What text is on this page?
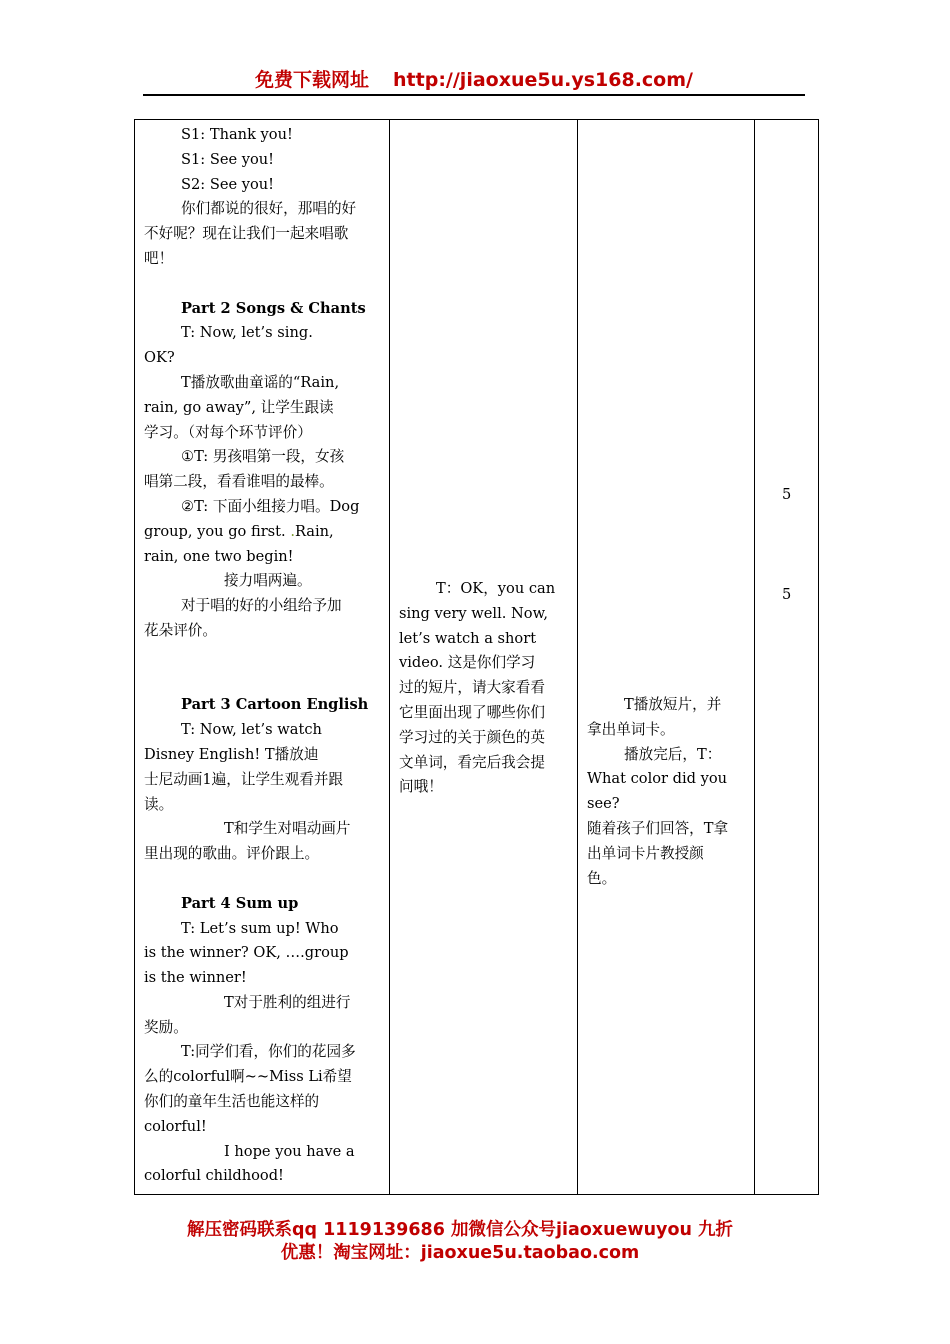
免费下载网址 http://jiaoxue5u.ys168.com/
S1: Thank you!
S1: See you!
S2: See you!
你们都说的很好，那唱的好
不好呢？现在让我们一起来唱歌
吧！
Part 2 Songs & Chants
T: Now, let’s sing.
OK?
T播放歌曲童谣的“Rain,
rain, go away”, 让学生跟读
学习。（对每个环节评价）
①T: 男孩唱第一段，女孩
唱第二段，看看谁唱的最棒。
②T: 下面小组接力唱。Dog
group, you go first. .Rain,
rain, one two begin!
接力唱两遍。
对于唱的好的小组给予加
花朵评价。
Part 3 Cartoon English
T: Now, let’s watch
Disney English! T播放迪
士尼动画1遍，让学生观看并跟
读。
T和学生对唱动画片
里出现的歌曲。评价跟上。
Part 4 Sum up
T: Let’s sum up! Who
is the winner? OK, ….group
is the winner!
T对于胜利的组进行
奖励。
T:同学们看，你们的花园多
么的colorful啊~~Miss Li希望
你们的童年生活也能这样的
colorful!
I hope you have a
colorful childhood!

T：OK，you can
sing very well. Now,
let’s watch a short
video. 这是你们学习
过的短片，请大家看看
它里面出现了哪些你们
学习过的关于颜色的英
文单词，看完后我会提
问哦！

T播放短片，并
拿出单词卡。
播放完后，T：
What color did you
see?
随着孩子们回答，T拿
出单词卡片教授颜
色。

5
5
解压密码联系qq 1119139686 加微信公众号jiaoxuewuyou 九折
优惠！淘宝网址：jiaoxue5u.taobao.com
